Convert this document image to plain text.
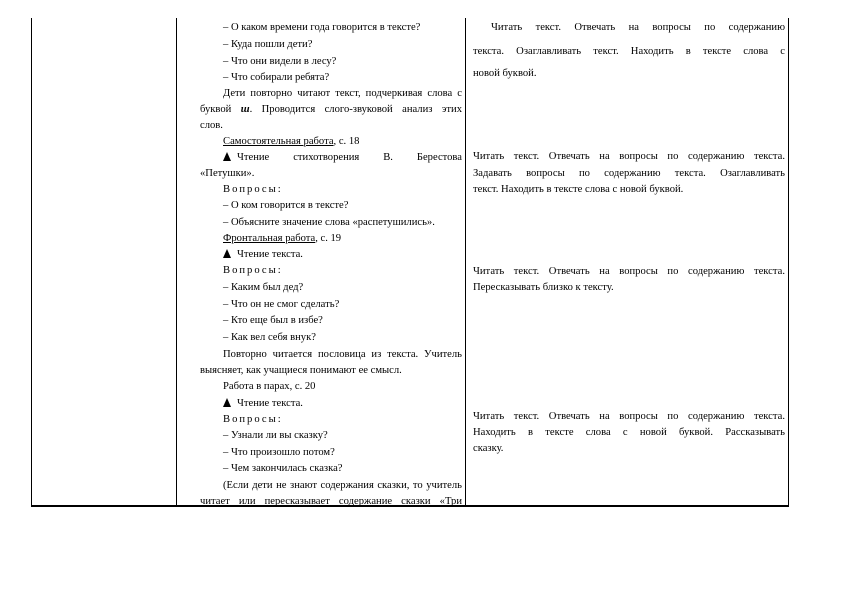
– О каком времени года говорится в тексте?
– Куда пошли дети?
– Что они видели в лесу?
– Что собирали ребята?
Дети повторно читают текст, подчеркивая слова с
буквой ш. Проводится слого-звуковой анализ этих
слов.
Самостоятельная работа, с. 18
Чтение стихотворения В. Берестова
«Петушки».
Вопросы:
– О ком говорится в тексте?
– Объясните значение слова «распетушились».
Фронтальная работа, с. 19
Чтение текста.
Вопросы:
– Каким был дед?
– Что он не смог сделать?
– Кто еще был в избе?
– Как вел себя внук?
Повторно читается пословица из текста. Учитель
выясняет, как учащиеся понимают ее смысл.
Работа в парах, с. 20
Чтение текста.
Вопросы:
– Узнали ли вы сказку?
– Что произошло потом?
– Чем закончилась сказка?
(Если дети не знают содержания сказки, то учитель
читает или пересказывает содержание сказки «Три
Читать текст. Отвечать на вопросы по содержанию
текста. Озаглавливать текст. Находить в тексте слова с
новой буквой.
Читать текст. Отвечать на вопросы по содержанию текста.
Задавать вопросы по содержанию текста. Озаглавливать
текст. Находить в тексте слова с новой буквой.
Читать текст. Отвечать на вопросы по содержанию текста.
Пересказывать близко к тексту.
Читать текст. Отвечать на вопросы по содержанию текста.
Находить в тексте слова с новой буквой. Рассказывать
сказку.
